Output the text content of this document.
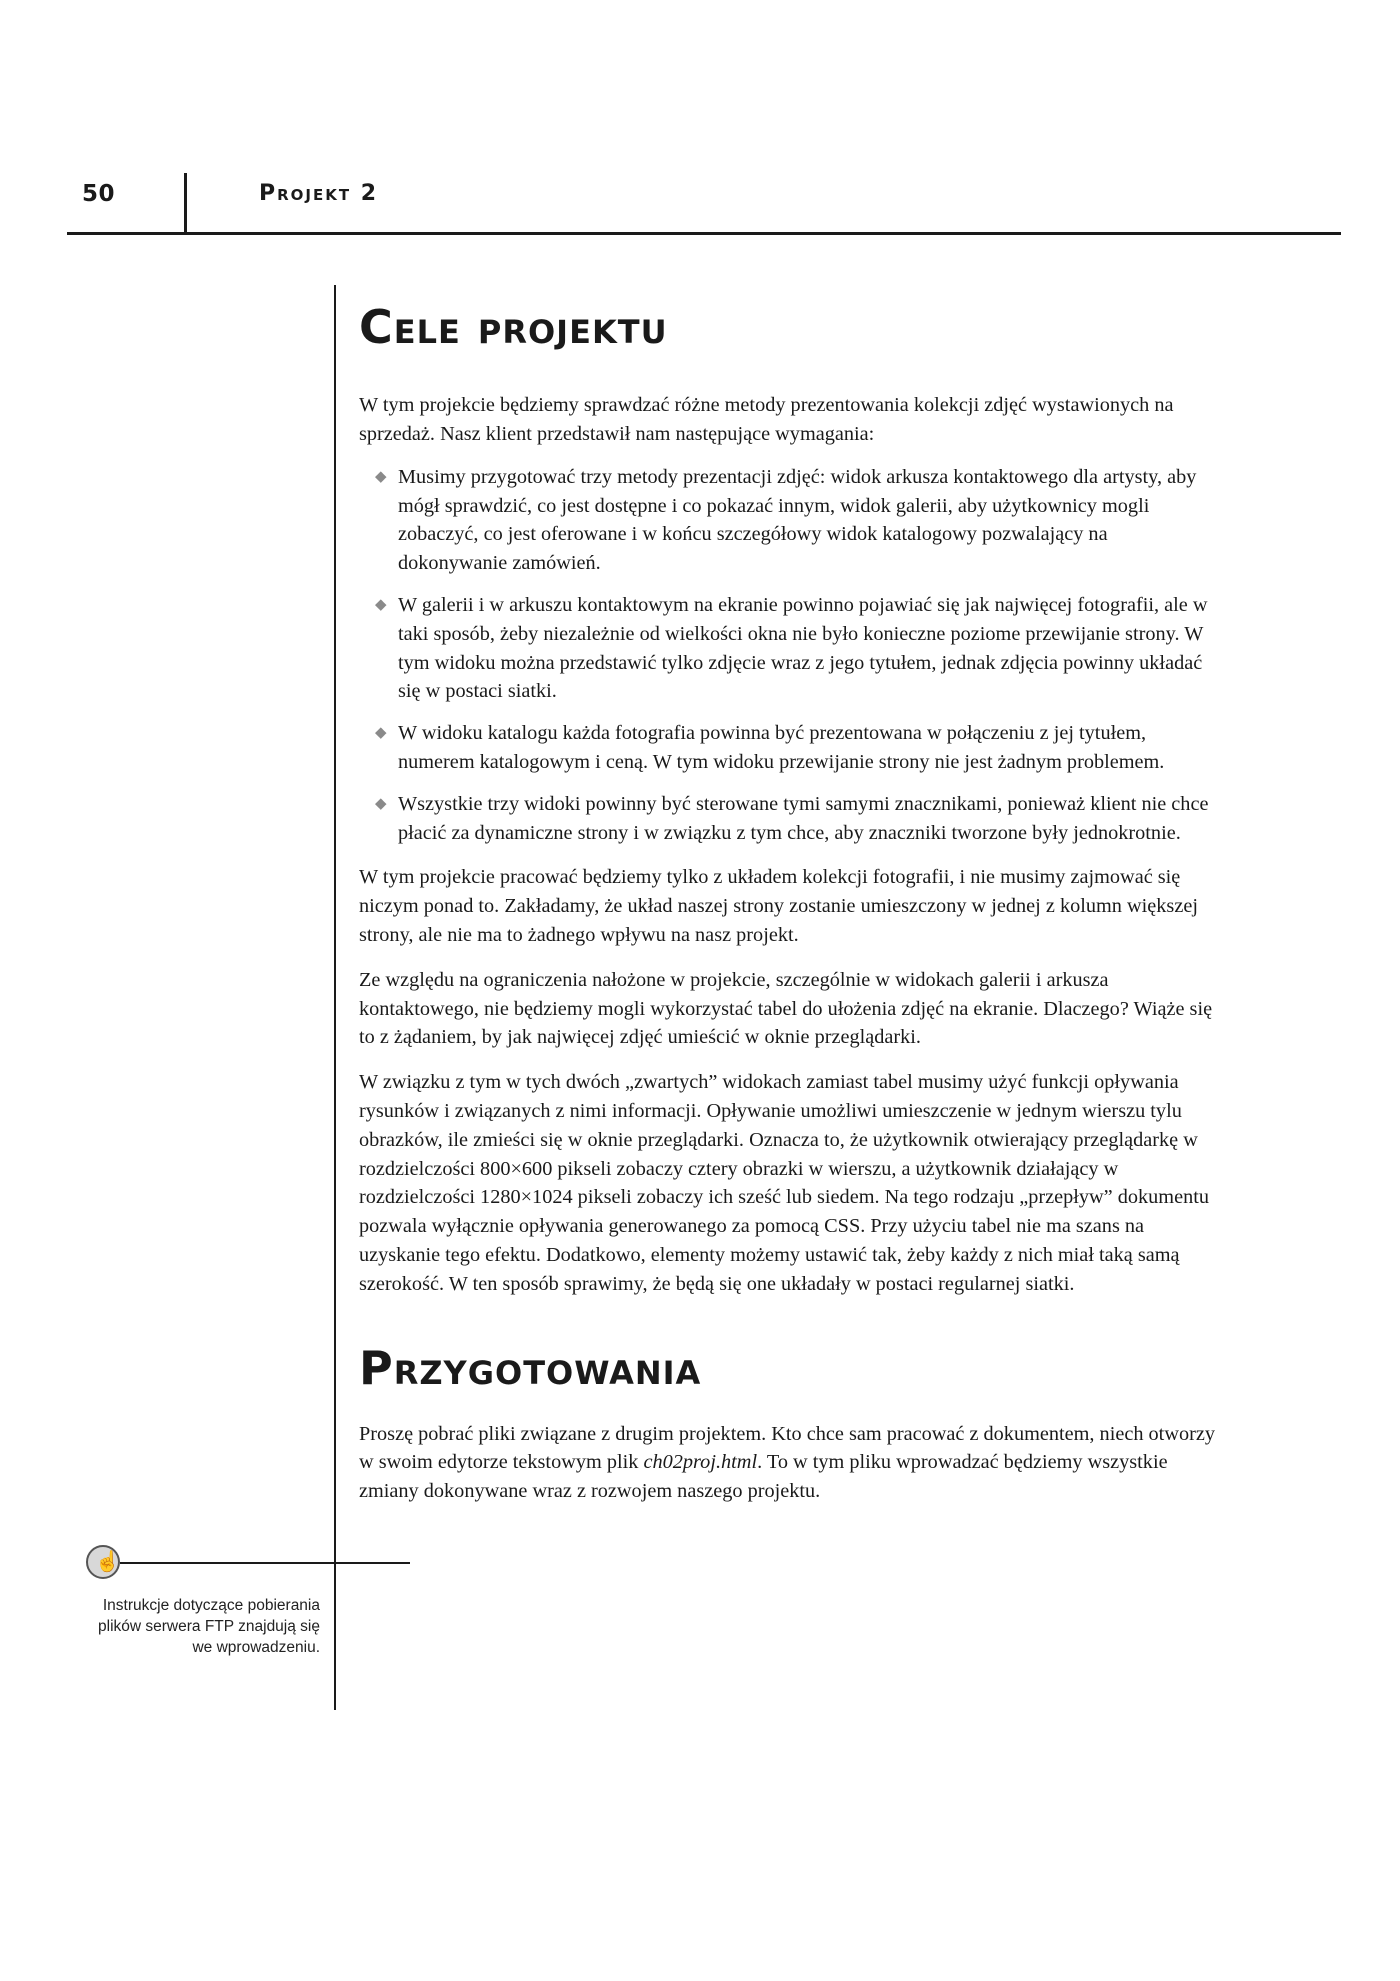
50	Projekt 2
Cele projektu

W tym projekcie będziemy sprawdzać różne metody prezentowania kolekcji zdjęć wystawionych na sprzedaż. Nasz klient przedstawił nam następujące wymagania:

◆ Musimy przygotować trzy metody prezentacji zdjęć: widok arkusza kontaktowego dla artysty, aby mógł sprawdzić, co jest dostępne i co pokazać innym, widok galerii, aby użytkownicy mogli zobaczyć, co jest oferowane i w końcu szczegółowy widok katalogowy pozwalający na dokonywanie zamówień.
◆ W galerii i w arkuszu kontaktowym na ekranie powinno pojawiać się jak najwięcej fotografii, ale w taki sposób, żeby niezależnie od wielkości okna nie było konieczne poziome przewijanie strony. W tym widoku można przedstawić tylko zdjęcie wraz z jego tytułem, jednak zdjęcia powinny układać się w postaci siatki.
◆ W widoku katalogu każda fotografia powinna być prezentowana w połączeniu z jej tytułem, numerem katalogowym i ceną. W tym widoku przewijanie strony nie jest żadnym problemem.
◆ Wszystkie trzy widoki powinny być sterowane tymi samymi znacznikami, ponieważ klient nie chce płacić za dynamiczne strony i w związku z tym chce, aby znaczniki tworzone były jednokrotnie.

W tym projekcie pracować będziemy tylko z układem kolekcji fotografii, i nie musimy zajmować się niczym ponad to. Zakładamy, że układ naszej strony zostanie umieszczony w jednej z kolumn większej strony, ale nie ma to żadnego wpływu na nasz projekt.

Ze względu na ograniczenia nałożone w projekcie, szczególnie w widokach galerii i arkusza kontaktowego, nie będziemy mogli wykorzystać tabel do ułożenia zdjęć na ekranie. Dlaczego? Wiąże się to z żądaniem, by jak najwięcej zdjęć umieścić w oknie przeglądarki.

W związku z tym w tych dwóch „zwartych” widokach zamiast tabel musimy użyć funkcji opływania rysunków i związanych z nimi informacji. Opływanie umożliwi umieszczenie w jednym wierszu tylu obrazków, ile zmieści się w oknie przeglądarki. Oznacza to, że użytkownik otwierający przeglądarkę w rozdzielczości 800×600 pikseli zobaczy cztery obrazki w wierszu, a użytkownik działający w rozdzielczości 1280×1024 pikseli zobaczy ich sześć lub siedem. Na tego rodzaju „przepływ” dokumentu pozwala wyłącznie opływania generowanego za pomocą CSS. Przy użyciu tabel nie ma szans na uzyskanie tego efektu. Dodatkowo, elementy możemy ustawić tak, żeby każdy z nich miał taką samą szerokość. W ten sposób sprawimy, że będą się one układały w postaci regularnej siatki.

Przygotowania

Proszę pobrać pliki związane z drugim projektem. Kto chce sam pracować z dokumentem, niech otworzy w swoim edytorze tekstowym plik ch02proj.html. To w tym pliku wprowadzać będziemy wszystkie zmiany dokonywane wraz z rozwojem naszego projektu.

☝
Instrukcje dotyczące pobierania plików serwera FTP znajdują się we wprowadzeniu.
